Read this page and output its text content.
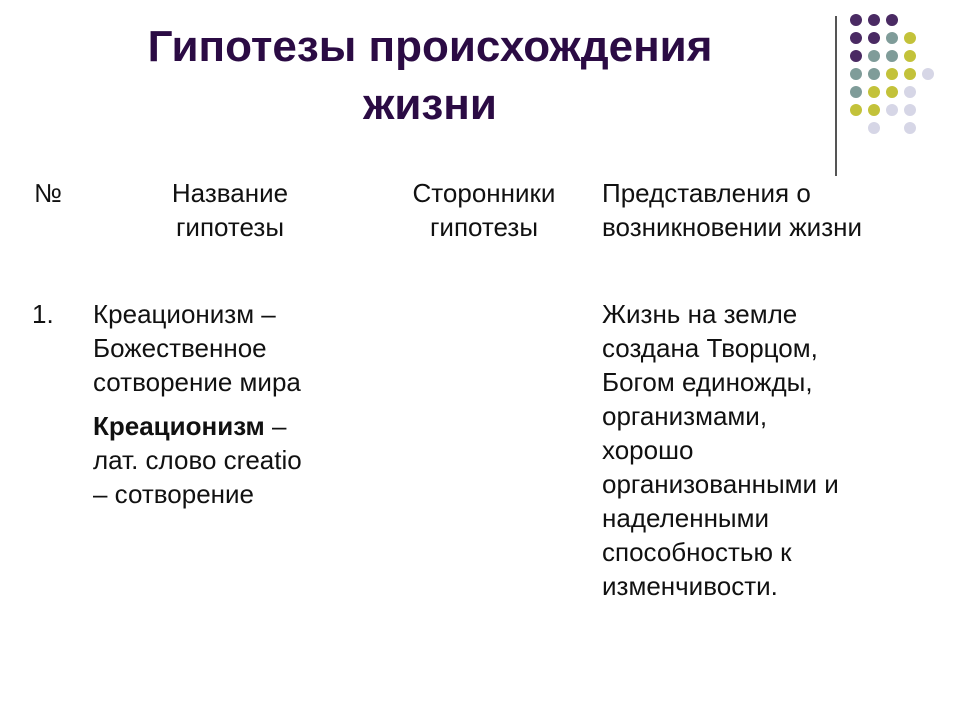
Гипотезы происхождения
жизни
№	Название
гипотезы
Сторонники
гипотезы
Представления о
возникновении жизни
1. Креационизм –
Божественное
сотворение мира

Креационизм –
лат. слово creatio
– сотворение

Жизнь на земле
создана Творцом,
Богом единожды,
организмами,
хорошо
организованными и
наделенными
способностью к
изменчивости.
